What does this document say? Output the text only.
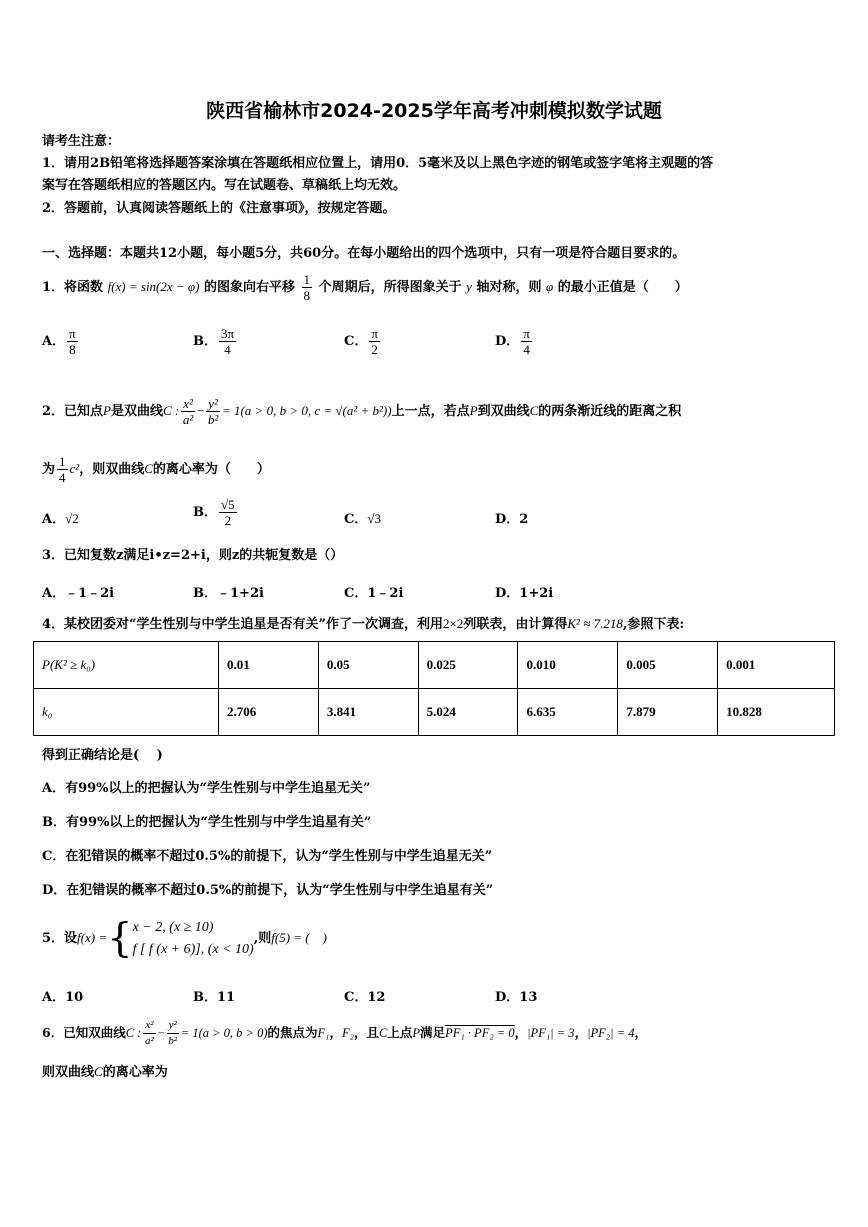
陕西省榆林市2024-2025学年高考冲刺模拟数学试题
请考生注意：
1．请用2B铅笔将选择题答案涂填在答题纸相应位置上，请用0．5毫米及以上黑色字迹的钢笔或签字笔将主观题的答
案写在答题纸相应的答题区内。写在试题卷、草稿纸上均无效。
2．答题前，认真阅读答题纸上的《注意事项》，按规定答题。
一、选择题：本题共12小题，每小题5分，共60分。在每小题给出的四个选项中，只有一项是符合题目要求的。
1．将函数 f(x) = sin(2x − φ) 的图象向右平移 $\frac{1}{8}$ 个周期后，所得图象关于 y 轴对称，则 φ 的最小正值是（　　）
A． $\frac{\pi}{8}$	B． $\frac{3\pi}{4}$	C． $\frac{\pi}{2}$	D． $\frac{\pi}{4}$
2．已知点P是双曲线C : $\frac{\text{x²}}{\text{a²}} - \frac{\text{y²}}{\text{b²}} = 1(a > 0$, b > 0, c = √(a² + b²))上一点，若点P到双曲线C的两条渐近线的距离之积
为 $\frac{1}{4} c^2$，则双曲线C的离心率为（　　）
A．√2	B． $\frac{√5}{2}$	C．√3	D．2
3．已知复数z满足i•z=2+i，则z的共轭复数是（）
A．﹣1﹣2i	B．﹣1+2i	C．1﹣2i	D．1+2i
4．某校团委对“学生性别与中学生追星是否有关”作了一次调查，利用2×2列联表，由计算得K² ≈ 7.218,参照下表:
P(K² ≥ k₀)	0.01	0.05	0.025	0.010	0.005	0.001
k₀	2.706	3.841	5.024	6.635	7.879	10.828
得到正确结论是(　 )
A．有99%以上的把握认为“学生性别与中学生追星无关”
B．有99%以上的把握认为“学生性别与中学生追星有关”
C．在犯错误的概率不超过0.5%的前提下，认为“学生性别与中学生追星无关”
D．在犯错误的概率不超过0.5%的前提下，认为“学生性别与中学生追星有关”
5．设f(x) ={ x − 2, (x ≥ 10)
f [ f (x + 6)], (x < 10)
,则f(5) = (　)
A．10	B．11	C．12	D．13
6．已知双曲线C : $\frac{\text{x²}}{\text{a²}} - \frac{\text{y²}}{\text{b²}} = 1(a > 0$, b > 0)的焦点为F₁，F₂，且C上点P满足PF₁ · PF₂ = 0，|PF₁| = 3，|PF₂| = 4，
则双曲线C的离心率为
